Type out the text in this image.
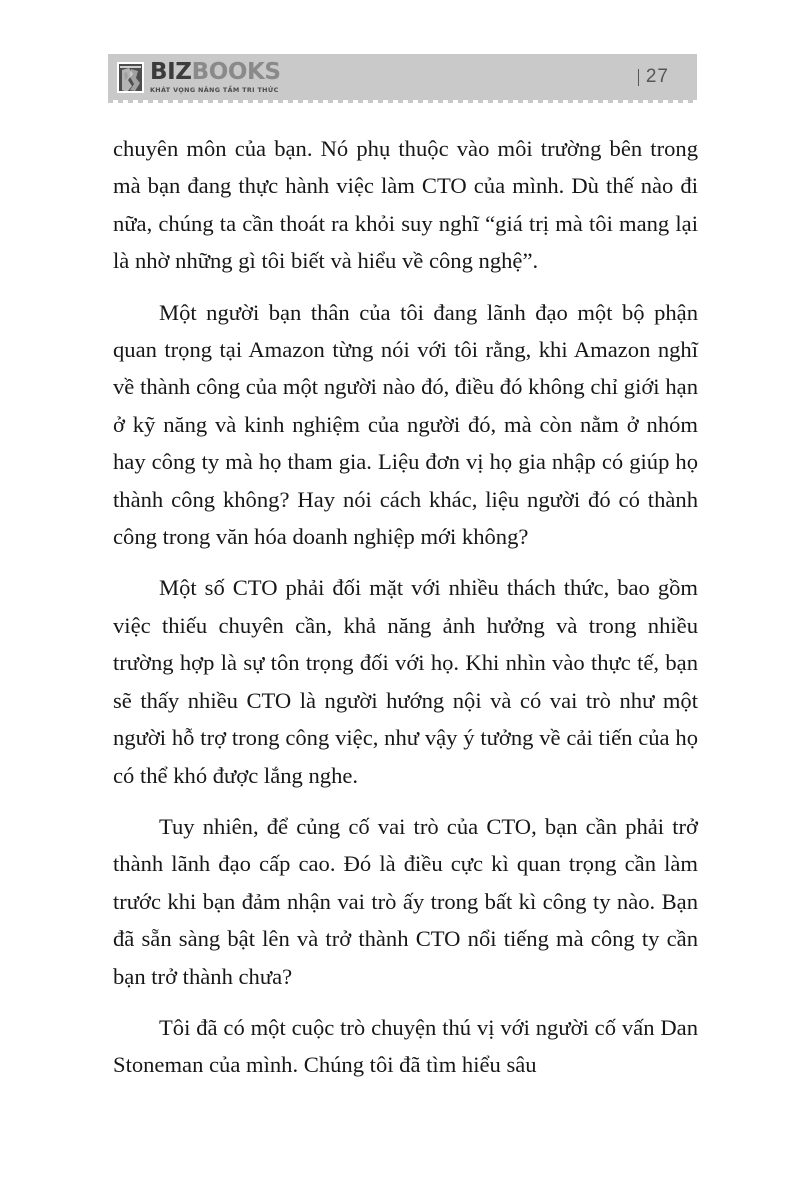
BIZBOOKS
KHÁT VỌNG NÂNG TẦM TRI THỨC
27

chuyên môn của bạn. Nó phụ thuộc vào môi trường bên trong mà bạn đang thực hành việc làm CTO của mình. Dù thế nào đi nữa, chúng ta cần thoát ra khỏi suy nghĩ “giá trị mà tôi mang lại là nhờ những gì tôi biết và hiểu về công nghệ”.

Một người bạn thân của tôi đang lãnh đạo một bộ phận quan trọng tại Amazon từng nói với tôi rằng, khi Amazon nghĩ về thành công của một người nào đó, điều đó không chỉ giới hạn ở kỹ năng và kinh nghiệm của người đó, mà còn nằm ở nhóm hay công ty mà họ tham gia. Liệu đơn vị họ gia nhập có giúp họ thành công không? Hay nói cách khác, liệu người đó có thành công trong văn hóa doanh nghiệp mới không?

Một số CTO phải đối mặt với nhiều thách thức, bao gồm việc thiếu chuyên cần, khả năng ảnh hưởng và trong nhiều trường hợp là sự tôn trọng đối với họ. Khi nhìn vào thực tế, bạn sẽ thấy nhiều CTO là người hướng nội và có vai trò như một người hỗ trợ trong công việc, như vậy ý tưởng về cải tiến của họ có thể khó được lắng nghe.

Tuy nhiên, để củng cố vai trò của CTO, bạn cần phải trở thành lãnh đạo cấp cao. Đó là điều cực kì quan trọng cần làm trước khi bạn đảm nhận vai trò ấy trong bất kì công ty nào. Bạn đã sẵn sàng bật lên và trở thành CTO nổi tiếng mà công ty cần bạn trở thành chưa?

Tôi đã có một cuộc trò chuyện thú vị với người cố vấn Dan Stoneman của mình. Chúng tôi đã tìm hiểu sâu
